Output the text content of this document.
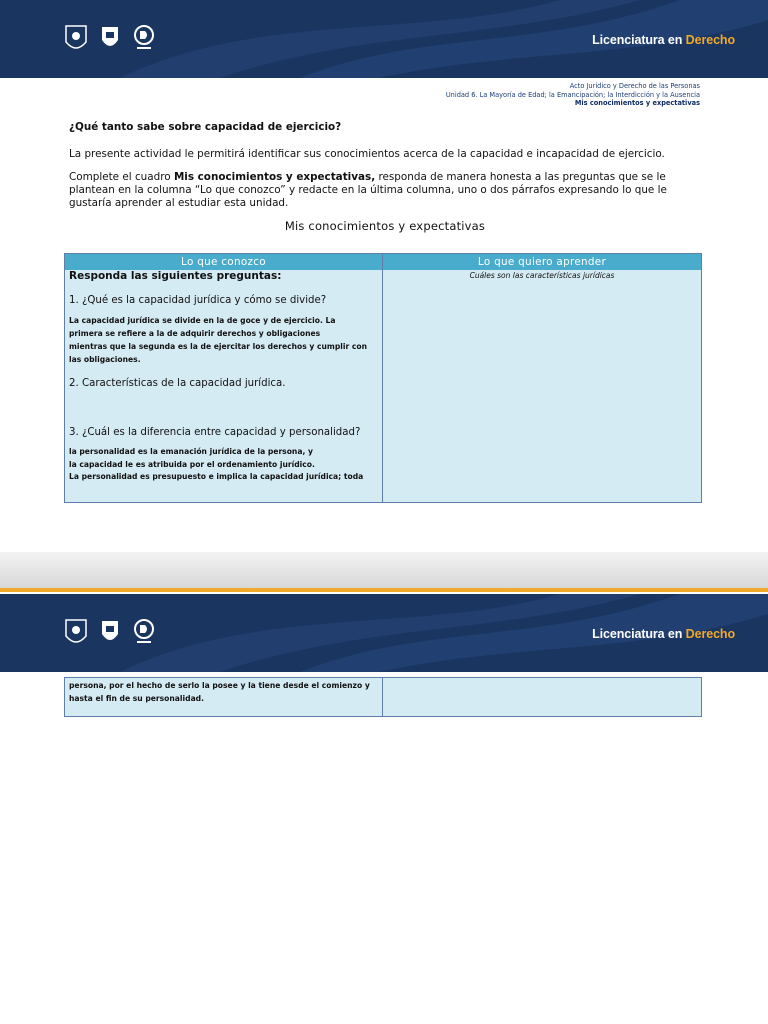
Licenciatura en Derecho
Acto Jurídico y Derecho de las Personas
Unidad 6. La Mayoría de Edad; la Emancipación; la Interdicción y la Ausencia
Mis conocimientos y expectativas
¿Qué tanto sabe sobre capacidad de ejercicio?
La presente actividad le permitirá identificar sus conocimientos acerca de la capacidad e incapacidad de ejercicio.
Complete el cuadro Mis conocimientos y expectativas, responda de manera honesta a las preguntas que se le plantean en la columna “Lo que conozco” y redacte en la última columna, uno o dos párrafos expresando lo que le gustaría aprender al estudiar esta unidad.
Mis conocimientos y expectativas
Lo que conozco	Lo que quiero aprender
Responda las siguientes preguntas:
1. ¿Qué es la capacidad jurídica y cómo se divide?
La capacidad jurídica se divide en la de goce y de ejercicio. La
primera se refiere a la de adquirir derechos y obligaciones
mientras que la segunda es la de ejercitar los derechos y cumplir con
las obligaciones.
2. Características de la capacidad jurídica.
3. ¿Cuál es la diferencia entre capacidad y personalidad?
la personalidad es la emanación jurídica de la persona, y
la capacidad le es atribuida por el ordenamiento jurídico.
La personalidad es presupuesto e implica la capacidad jurídica; toda
Cuáles son las características jurídicas
Licenciatura en Derecho
persona, por el hecho de serlo la posee y la tiene desde el comienzo y
hasta el fin de su personalidad.
